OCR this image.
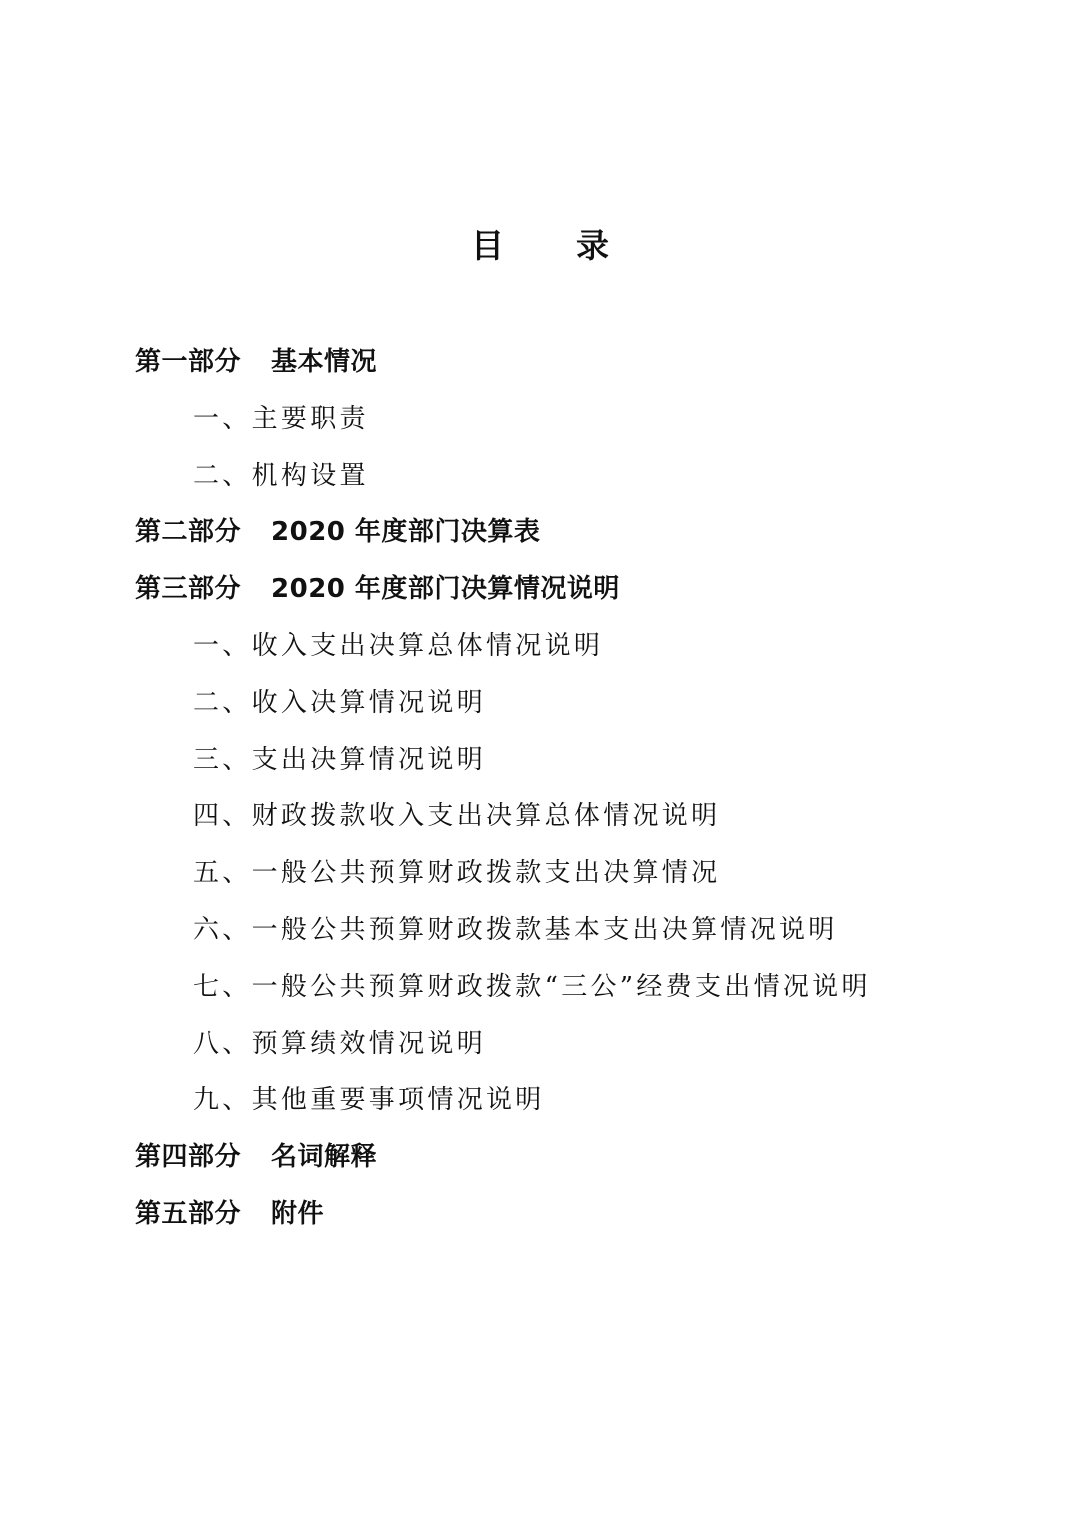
目 录
第一部分 基本情况
一、主要职责
二、机构设置
第二部分 2020 年度部门决算表
第三部分 2020 年度部门决算情况说明
一、收入支出决算总体情况说明
二、收入决算情况说明
三、支出决算情况说明
四、财政拨款收入支出决算总体情况说明
五、一般公共预算财政拨款支出决算情况
六、一般公共预算财政拨款基本支出决算情况说明
七、一般公共预算财政拨款“三公”经费支出情况说明
八、预算绩效情况说明
九、其他重要事项情况说明
第四部分 名词解释
第五部分 附件
